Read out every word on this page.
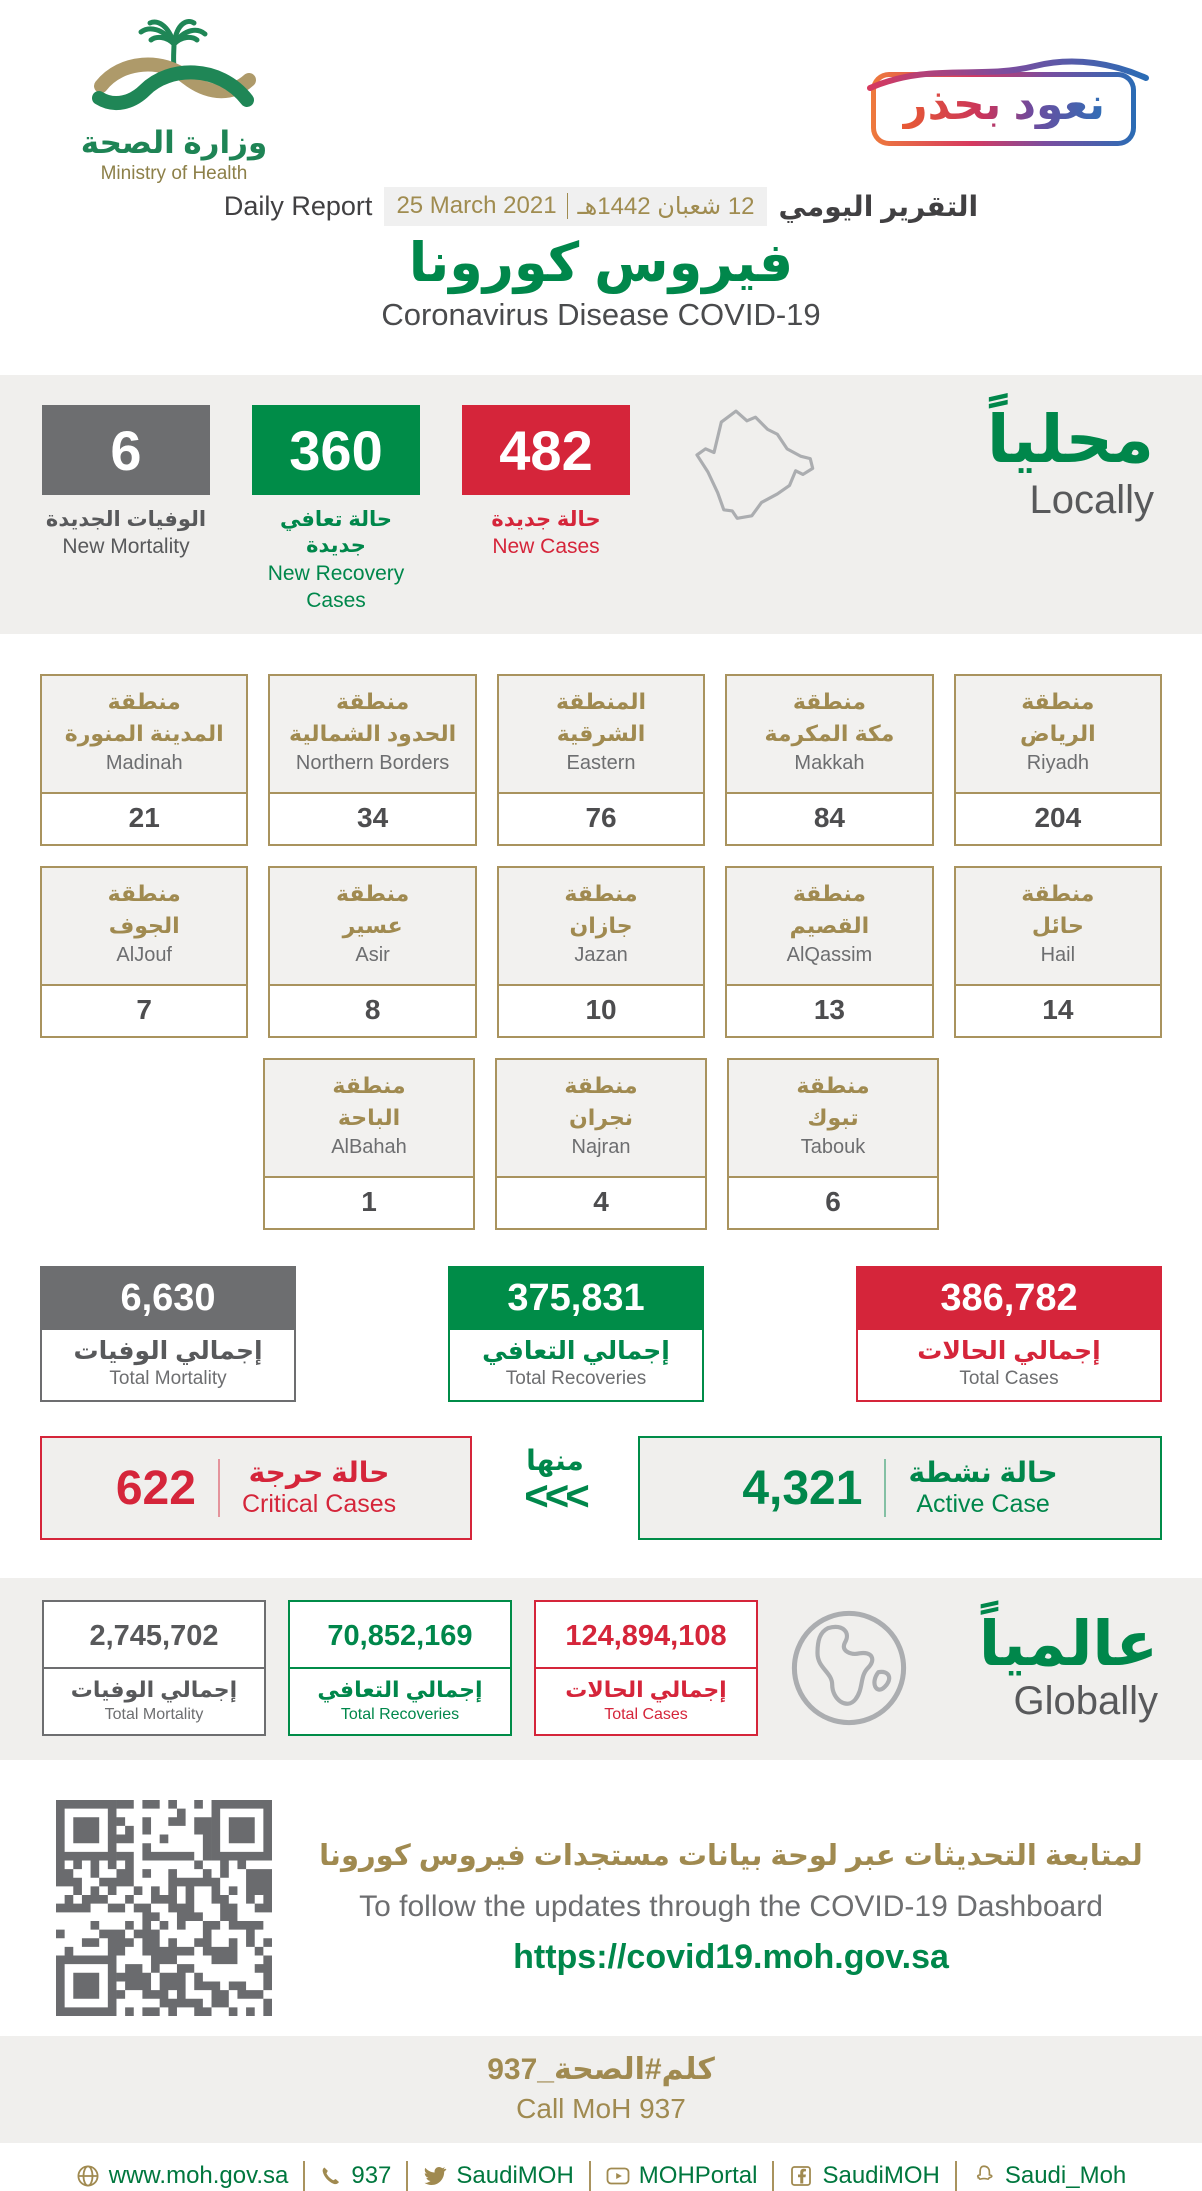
وزارة الصحة
Ministry of Health
نعود بحذر
Daily Report 25 March 2021 12 شعبان 1442هـ التقرير اليومي
فيروس كورونا
Coronavirus Disease COVID-19
6
الوفيات الجديدة
New Mortality
360
حالة تعافي جديدة
New Recovery Cases
482
حالة جديدة
New Cases
محلياً
Locally
منطقة
المدينة المنورة
Madinah
21
منطقة
الحدود الشمالية
Northern Borders
34
المنطقة
الشرقية
Eastern
76
منطقة
مكة المكرمة
Makkah
84
منطقة
الرياض
Riyadh
204
منطقة
الجوف
AlJouf
7
منطقة
عسير
Asir
8
منطقة
جازان
Jazan
10
منطقة
القصيم
AlQassim
13
منطقة
حائل
Hail
14
منطقة
الباحة
AlBahah
1
منطقة
نجران
Najran
4
منطقة
تبوك
Tabouk
6
6,630
إجمالي الوفيات
Total Mortality
375,831
إجمالي التعافي
Total Recoveries
386,782
إجمالي الحالات
Total Cases
622 حالة حرجة
Critical Cases
منها
<<<	4,321 حالة نشطة
Active Case
2,745,702
إجمالي الوفيات
Total Mortality
70,852,169
إجمالي التعافي
Total Recoveries
124,894,108
إجمالي الحالات
Total Cases
عالمياً
Globally
لمتابعة التحديثات عبر لوحة بيانات مستجدات فيروس كورونا
To follow the updates through the COVID-19 Dashboard
https://covid19.moh.gov.sa
كلم#الصحة_937
Call MoH 937
www.moh.gov.sa	937	SaudiMOH	MOHPortal	SaudiMOH	Saudi_Moh
